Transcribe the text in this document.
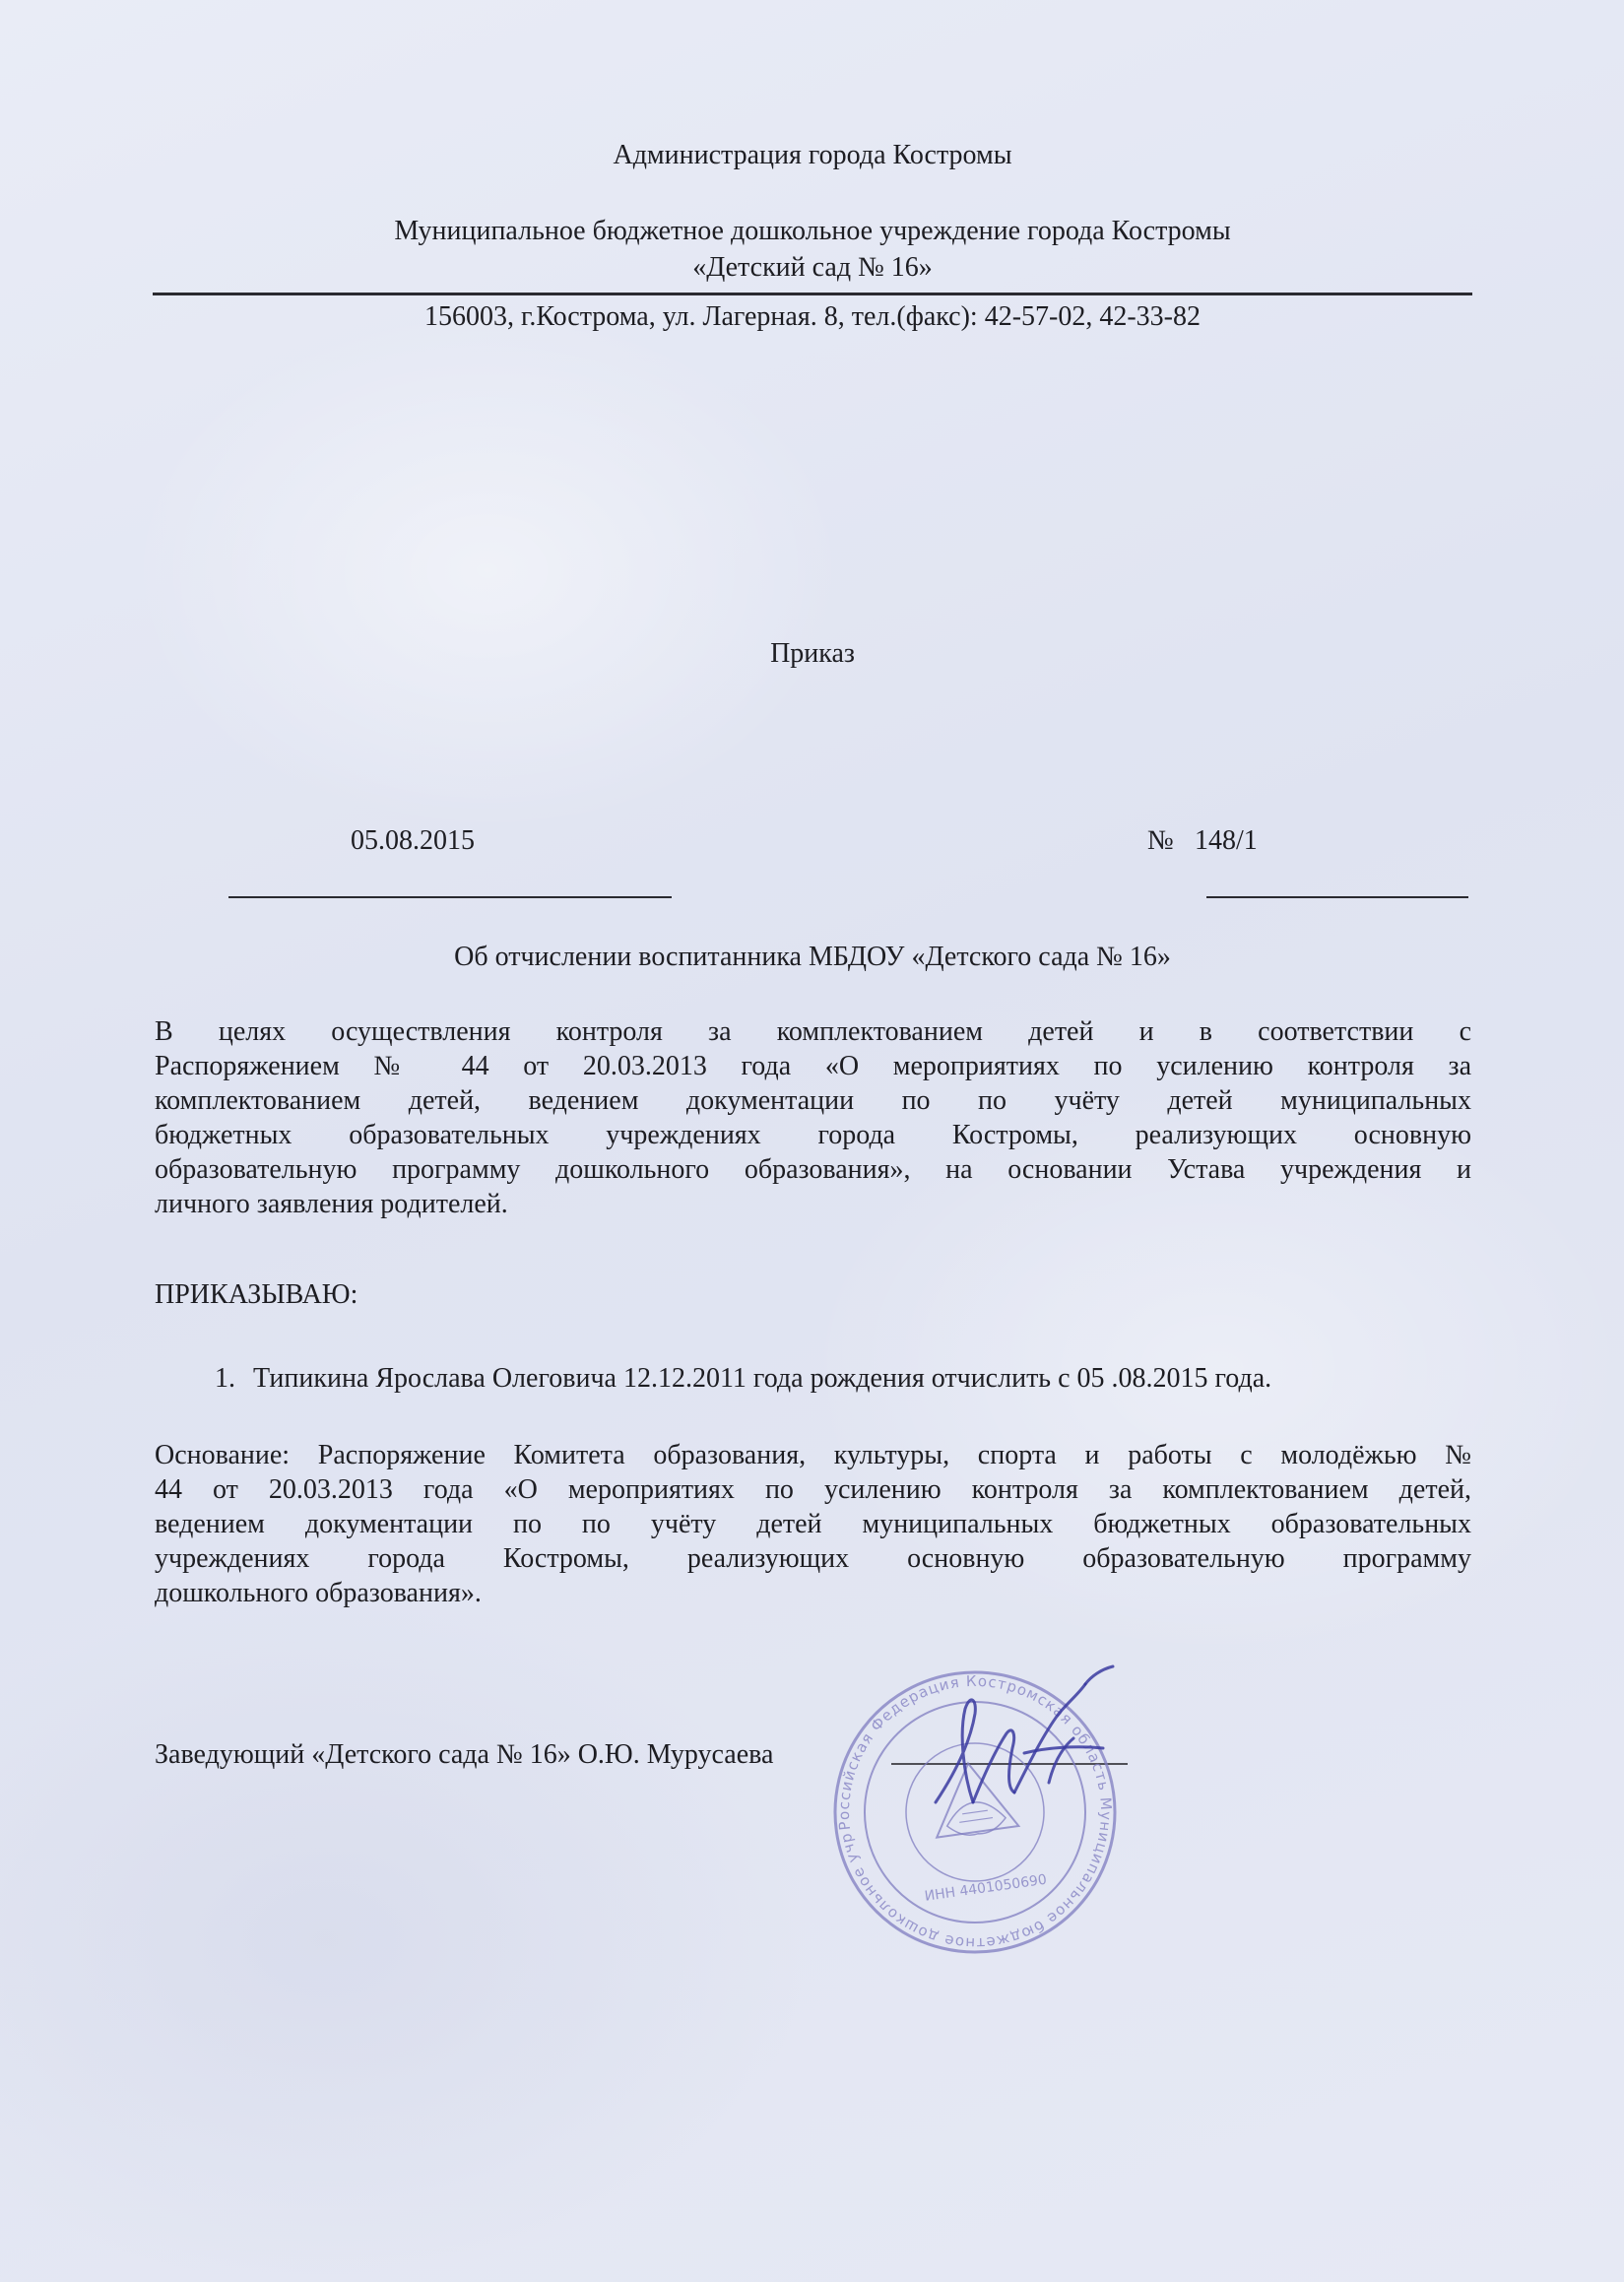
Администрация города Костромы
Муниципальное бюджетное дошкольное учреждение города Костромы
«Детский сад № 16»
156003, г.Кострома, ул. Лагерная. 8, тел.(факс): 42-57-02, 42-33-82
Приказ
05.08.2015	№ 148/1
Об отчислении воспитанника МБДОУ «Детского сада № 16»
В целях осуществления контроля за комплектованием детей и в соответствии с
Распоряжением № 44 от 20.03.2013 года «О мероприятиях по усилению контроля за
комплектованием детей, ведением документации по по учёту детей муниципальных
бюджетных образовательных учреждениях города Костромы, реализующих основную
образовательную программу дошкольного образования», на основании Устава учреждения и
личного заявления родителей.
ПРИКАЗЫВАЮ:
1. Типикина Ярослава Олеговича 12.12.2011 года рождения отчислить с 05 .08.2015 года.
Основание: Распоряжение Комитета образования, культуры, спорта и работы с молодёжью №
44 от 20.03.2013 года «О мероприятиях по усилению контроля за комплектованием детей,
ведением документации по по учёту детей муниципальных бюджетных образовательных
учреждениях города Костромы, реализующих основную образовательную программу
дошкольного образования».
Заведующий «Детского сада № 16» О.Ю. Мурусаева
Российская Федерация Костромская область Муниципальное бюджетное дошкольное учреждение
ИНН 4401050690
